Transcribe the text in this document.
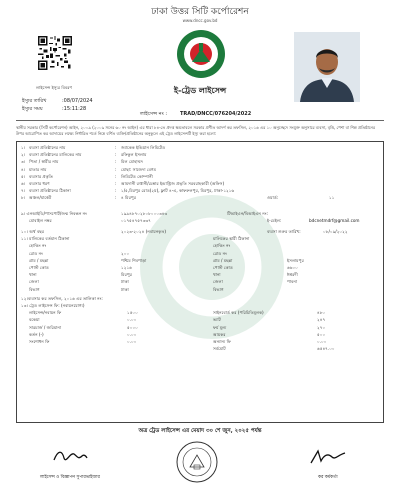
ঢাকা উত্তর সিটি কর্পোরেশন
www.dncc.gov.bd
লাইসেন্স ইস্যুর বিবরণ
ইস্যুর তারিখ	:08/07/2024
ইস্যুর সময়	:15:11:28
ই-ট্রেড লাইসেন্স
লাইসেন্স নং :	TRAD/DNCC/076204/2022
স্থানীয় সরকার (সিটি কর্পোরেশন) আইন, ২০০৯ (২০০৯ সনের ৬০ নং আইন) এর ধারা ৮৪-তে প্রদত্ত ক্ষমতাবলে সরকার প্রণীত আদর্শ কর তফসিল, ২০১৬ এর ১০ অনুচ্ছেদে সংযুক্ত অনুসারে ব্যবসা, বৃত্তি, পেশা বা শিল্প প্রতিষ্ঠানের উপর আরোপিত কর আদায়ের লক্ষ্যে নির্ধারিত শর্তে নিম্নে বর্ণিত ব্যক্তি/প্রতিষ্ঠানের অনুকূলে এই ট্রেড লাইসেন্সটি ইস্যু করা হলো:
১। ব্যবসা প্রতিষ্ঠানের নাম	: জ্যাকেক ইন্ডিয়ান লিমিটেড
২। ব্যবসা প্রতিষ্ঠানের মালিকের নাম	: রফিকুল ইসলাম
৩। পিতা / স্বামীর নাম	: মিল মোহাম্মদ
৪। মাতার নাম	: মোছা: সাজেদা বেগম
৫। ব্যবসার প্রকৃতি	: লিমিটেড কোম্পানী
৬। ব্যবসার ধরণ	: আমদানী রপ্তানী/চেম্বার ইন্ডাস্ট্রিজ প্রভৃতি সরবরাহকারী (অফিস)
৭। ব্যবসা প্রতিষ্ঠানের ঠিকানা	: ১/৫,মিরপুর রোড(২য়), ফ্লাট ৪-এ, কাফরুলপুর, মিরপুর, ঢাকা-১২১৬
৮। অঞ্চল/মার্কেট	: ৪ মিরপুর	ওয়ার্ড:	১১
৯। এনআইডি/পাসপোর্ট/জন্ম নিবন্ধন নং	১৯৯৪৮৭০২৮০৮০০০৩৪৩	টিআইএন/বিআইএন নং:
মোবাইল নম্বর	০১৭৫৪৭৫৭৩৩৭	ই-মেইল:	bdcnetmdrf@gmail.com
১০। অর্থ বছর	২০২৩-২০২৪ (নবায়নকৃত)	ব্যবসা শুরুর তারিখ:	০৮/০৯/২০২২
১১। মালিকের বর্তমান ঠিকানা	মালিকের স্থায়ী ঠিকানা
হোল্ডিং নং	হোল্ডিং নং
রোড নং	২০০	রোড নং
গ্রাম / মহল্লা	পশ্চিম শিবপাড়া	গ্রাম / মহল্লা	ইসলামপুর
পোস্ট কোড	১২১৬	পোস্ট কোড	৬৬০০
থানা	মিরপুর	থানা	ঈশ্বরদী
জেলা	ঢাকা	জেলা	পাবনা
বিভাগ	ঢাকা	বিভাগ
১২।ব্যবসার কর তফসিল, ২০১৬ এর তালিকা নং:
১৩। ট্রেড লাইসেন্স ফি: (নবায়নযোগ্য)
লাইসেন্স/নবায়ন ফি	১৫০০	সাইনবোর্ড কর (পরিচিতিমূলক)	৪৮০
বকেয়া	০.০০	ভ্যাট	২৪৭
সারচার্জ / জরিমানা	৫০০০	ফর্ম মূল্য	২৭০
কর্তন (-)	০.০০	আয়কর	৫০০
সংশোধন ফি	০.০০	অন্যান্য ফি	০.০০
সর্বমোট	৬৫৪৭.০০
অত্র ট্রেড লাইসেন্স এর মেয়াদ ৩০ শে জুন, ২০২৫ পর্যন্ত
লাইসেন্স ও বিজ্ঞাপন সুপারভাইজার	কর কর্মকর্তা
